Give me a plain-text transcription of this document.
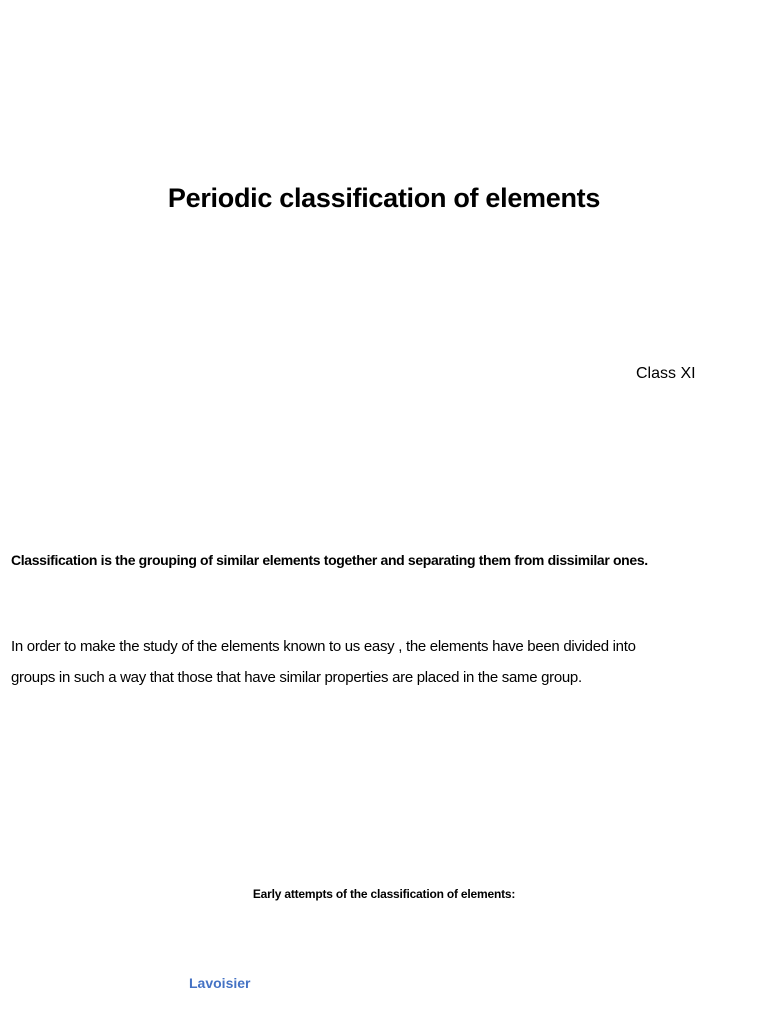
Periodic classification of elements
Class XI
Classification is the grouping of similar elements together and separating them from dissimilar ones.
In order to make the study of the elements known to us easy , the elements have been divided into
groups in such a way that those that have similar properties are placed in the same group.
Early attempts of the classification of elements:
Lavoisier
